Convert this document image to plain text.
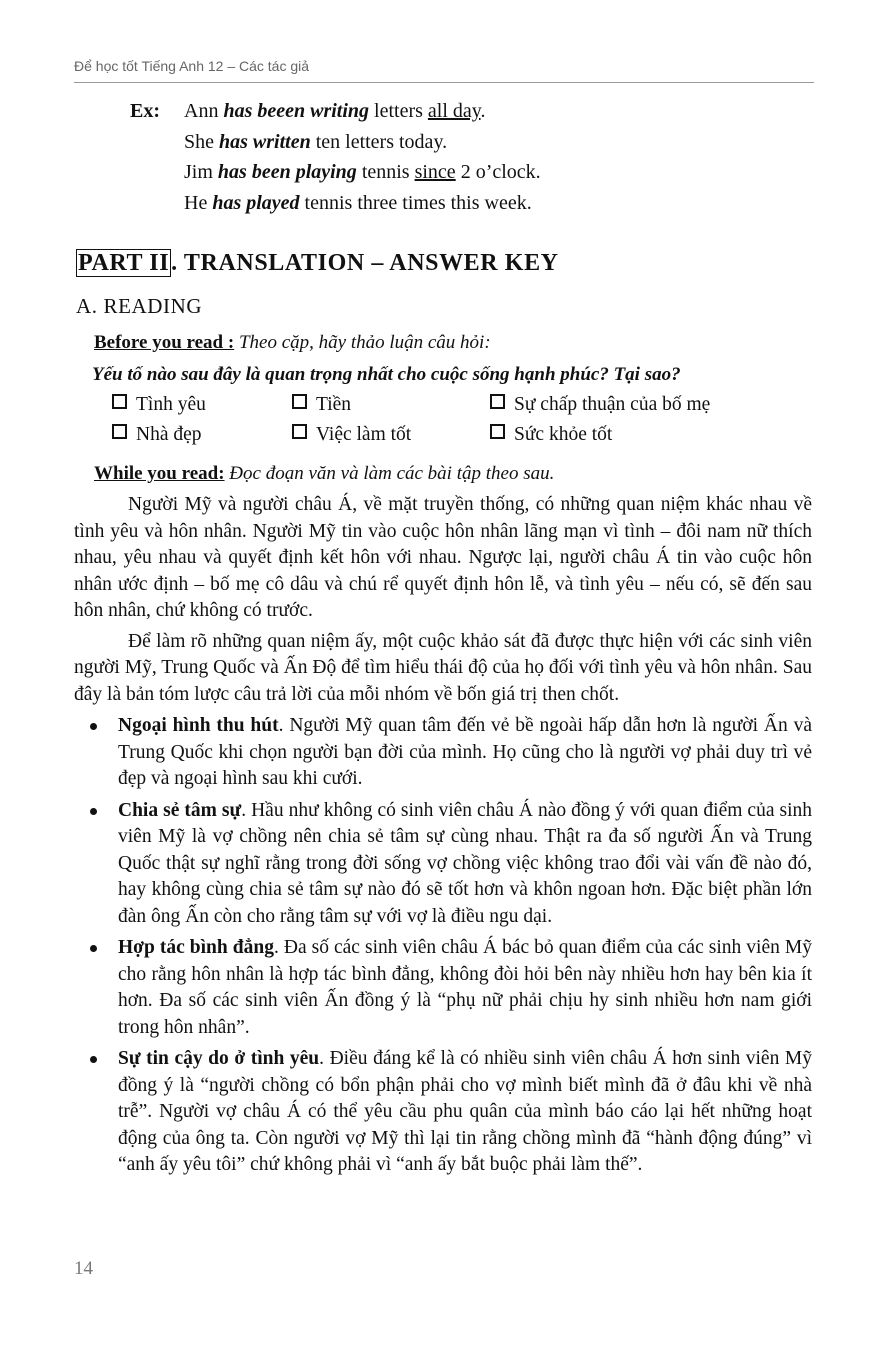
Để học tốt Tiếng Anh 12 – Các tác giả
Ex: Ann has beeen writing letters all day.
She has written ten letters today.
Jim has been playing tennis since 2 o’clock.
He has played tennis three times this week.
PART II. TRANSLATION – ANSWER KEY
A. READING
Before you read : Theo cặp, hãy thảo luận câu hỏi:
Yếu tố nào sau đây là quan trọng nhất cho cuộc sống hạnh phúc? Tại sao?
Tình yêu	Tiền	Sự chấp thuận của bố mẹ
Nhà đẹp	Việc làm tốt	Sức khỏe tốt
While you read: Đọc đoạn văn và làm các bài tập theo sau.

Người Mỹ và người châu Á, về mặt truyền thống, có những quan niệm khác nhau về tình yêu và hôn nhân. Người Mỹ tin vào cuộc hôn nhân lãng mạn vì tình – đôi nam nữ thích nhau, yêu nhau và quyết định kết hôn với nhau. Ngược lại, người châu Á tin vào cuộc hôn nhân ước định – bố mẹ cô dâu và chú rể quyết định hôn lễ, và tình yêu – nếu có, sẽ đến sau hôn nhân, chứ không có trước.

Để làm rõ những quan niệm ấy, một cuộc khảo sát đã được thực hiện với các sinh viên người Mỹ, Trung Quốc và Ấn Độ để tìm hiểu thái độ của họ đối với tình yêu và hôn nhân. Sau đây là bản tóm lược câu trả lời của mỗi nhóm về bốn giá trị then chốt.

Ngoại hình thu hút. Người Mỹ quan tâm đến vẻ bề ngoài hấp dẫn hơn là người Ấn và Trung Quốc khi chọn người bạn đời của mình. Họ cũng cho là người vợ phải duy trì vẻ đẹp và ngoại hình sau khi cưới.
Chia sẻ tâm sự. Hầu như không có sinh viên châu Á nào đồng ý với quan điểm của sinh viên Mỹ là vợ chồng nên chia sẻ tâm sự cùng nhau. Thật ra đa số người Ấn và Trung Quốc thật sự nghĩ rằng trong đời sống vợ chồng việc không trao đổi vài vấn đề nào đó, hay không cùng chia sẻ tâm sự nào đó sẽ tốt hơn và khôn ngoan hơn. Đặc biệt phần lớn đàn ông Ấn còn cho rằng tâm sự với vợ là điều ngu dại.
Hợp tác bình đẳng. Đa số các sinh viên châu Á bác bỏ quan điểm của các sinh viên Mỹ cho rằng hôn nhân là hợp tác bình đẳng, không đòi hỏi bên này nhiều hơn hay bên kia ít hơn. Đa số các sinh viên Ấn đồng ý là “phụ nữ phải chịu hy sinh nhiều hơn nam giới trong hôn nhân”.
Sự tin cậy do ở tình yêu. Điều đáng kể là có nhiều sinh viên châu Á hơn sinh viên Mỹ đồng ý là “người chồng có bổn phận phải cho vợ mình biết mình đã ở đâu khi về nhà trễ”. Người vợ châu Á có thể yêu cầu phu quân của mình báo cáo lại hết những hoạt động của ông ta. Còn người vợ Mỹ thì lại tin rằng chồng mình đã “hành động đúng” vì “anh ấy yêu tôi” chứ không phải vì “anh ấy bắt buộc phải làm thế”.
14
